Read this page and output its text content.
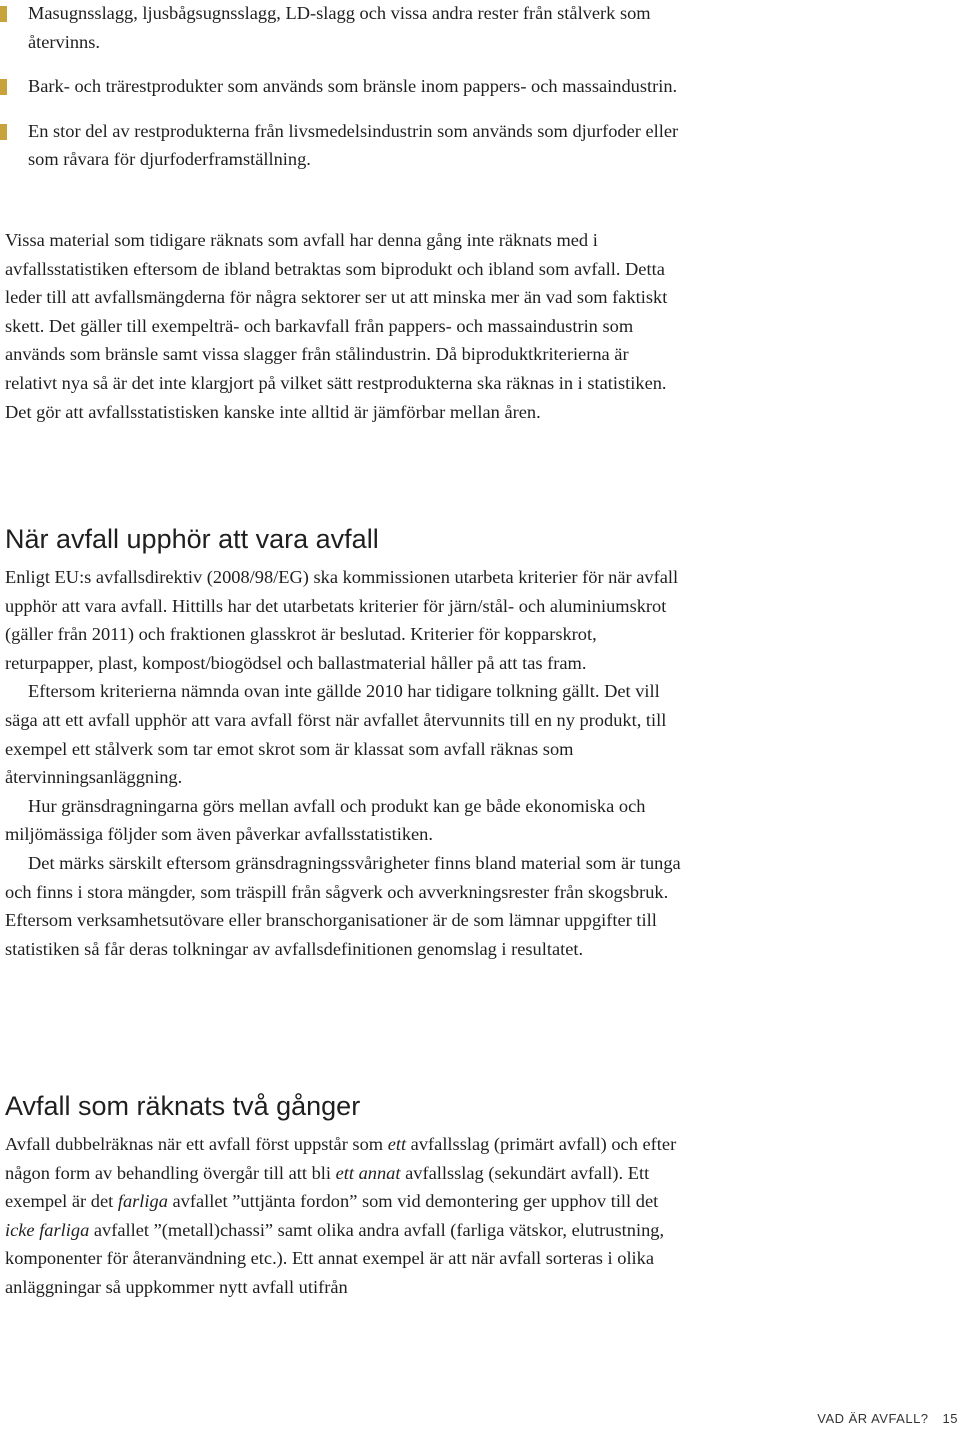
Masugnsslagg, ljusbågsugnsslagg, LD-slagg och vissa andra rester från stålverk som återvinns.
Bark- och trärestprodukter som används som bränsle inom pappers- och massaindustrin.
En stor del av restprodukterna från livsmedelsindustrin som används som djurfoder eller som råvara för djurfoderframställning.

Vissa material som tidigare räknats som avfall har denna gång inte räknats med i avfallsstatistiken eftersom de ibland betraktas som biprodukt och ibland som avfall. Detta leder till att avfallsmängderna för några sektorer ser ut att minska mer än vad som faktiskt skett. Det gäller till exempelträ- och barkavfall från pappers- och massaindustrin som används som bränsle samt vissa slagger från stålindustrin. Då biproduktkriterierna är relativt nya så är det inte klargjort på vilket sätt restprodukterna ska räknas in i statistiken. Det gör att avfallsstatistisken kanske inte alltid är jämförbar mellan åren.

När avfall upphör att vara avfall

Enligt EU:s avfallsdirektiv (2008/98/EG) ska kommissionen utarbeta kriterier för när avfall upphör att vara avfall. Hittills har det utarbetats kriterier för järn/stål- och aluminiumskrot (gäller från 2011) och fraktionen glasskrot är beslutad. Kriterier för kopparskrot, returpapper, plast, kompost/biogödsel och ballastmaterial håller på att tas fram.

Eftersom kriterierna nämnda ovan inte gällde 2010 har tidigare tolkning gällt. Det vill säga att ett avfall upphör att vara avfall först när avfallet återvunnits till en ny produkt, till exempel ett stålverk som tar emot skrot som är klassat som avfall räknas som återvinningsanläggning.

Hur gränsdragningarna görs mellan avfall och produkt kan ge både ekonomiska och miljömässiga följder som även påverkar avfallsstatistiken.

Det märks särskilt eftersom gränsdragningssvårigheter finns bland material som är tunga och finns i stora mängder, som träspill från sågverk och avverkningsrester från skogsbruk. Eftersom verksamhetsutövare eller branschorganisationer är de som lämnar uppgifter till statistiken så får deras tolkningar av avfallsdefinitionen genomslag i resultatet.

Avfall som räknats två gånger

Avfall dubbelräknas när ett avfall först uppstår som ett avfallsslag (primärt avfall) och efter någon form av behandling övergår till att bli ett annat avfallsslag (sekundärt avfall). Ett exempel är det farliga avfallet ”uttjänta fordon” som vid demontering ger upphov till det icke farliga avfallet ”(metall)chassi” samt olika andra avfall (farliga vätskor, elutrustning, komponenter för återanvändning etc.). Ett annat exempel är att när avfall sorteras i olika anläggningar så uppkommer nytt avfall utifrån

VAD ÄR AVFALL? 15
